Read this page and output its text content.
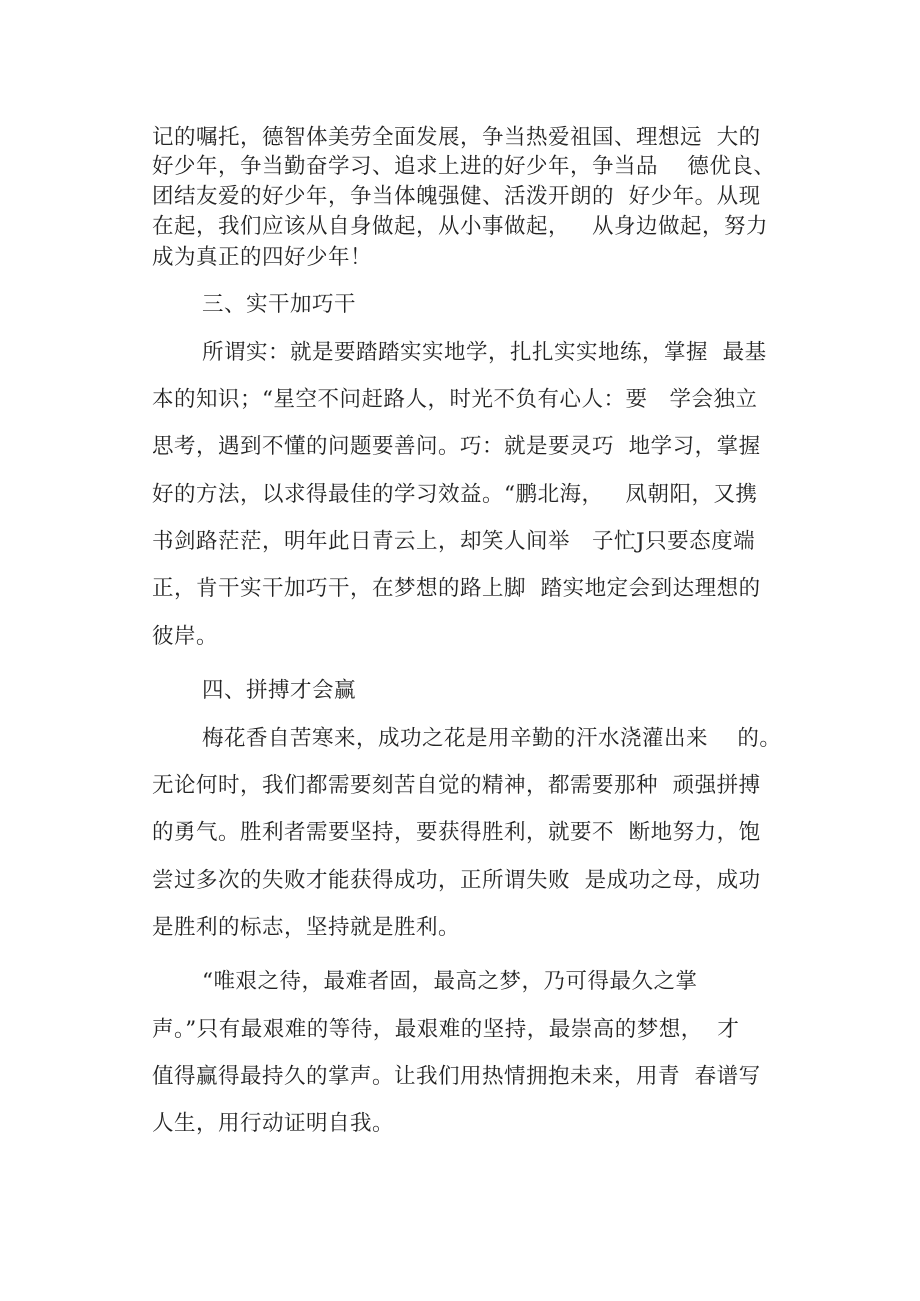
记的嘱托，德智体美劳全面发展，争当热爱祖国、理想远  大的
好少年，争当勤奋学习、追求上进的好少年，争当品    德优良、
团结友爱的好少年，争当体魄强健、活泼开朗的  好少年。从现
在起，我们应该从自身做起，从小事做起，   从身边做起，努力
成为真正的四好少年！
三、实干加巧干
所谓实：就是要踏踏实实地学，扎扎实实地练，掌握  最基
本的知识；“星空不问赶路人，时光不负有心人：要   学会独立
思考，遇到不懂的问题要善问。巧：就是要灵巧  地学习，掌握
好的方法，以求得最佳的学习效益。“鹏北海，   凤朝阳，又携
书剑路茫茫，明年此日青云上，却笑人间举   子忙J只要态度端
正，肯干实干加巧干，在梦想的路上脚  踏实地定会到达理想的
彼岸。
四、拼搏才会赢
梅花香自苦寒来，成功之花是用辛勤的汗水浇灌出来    的。
无论何时，我们都需要刻苦自觉的精神，都需要那种  顽强拼搏
的勇气。胜利者需要坚持，要获得胜利，就要不  断地努力，饱
尝过多次的失败才能获得成功，正所谓失败  是成功之母，成功
是胜利的标志，坚持就是胜利。
“唯艰之待，最难者固，最高之梦，乃可得最久之掌
声。”只有最艰难的等待，最艰难的坚持，最崇高的梦想，  才
值得赢得最持久的掌声。让我们用热情拥抱未来，用青  春谱写
人生，用行动证明自我。
